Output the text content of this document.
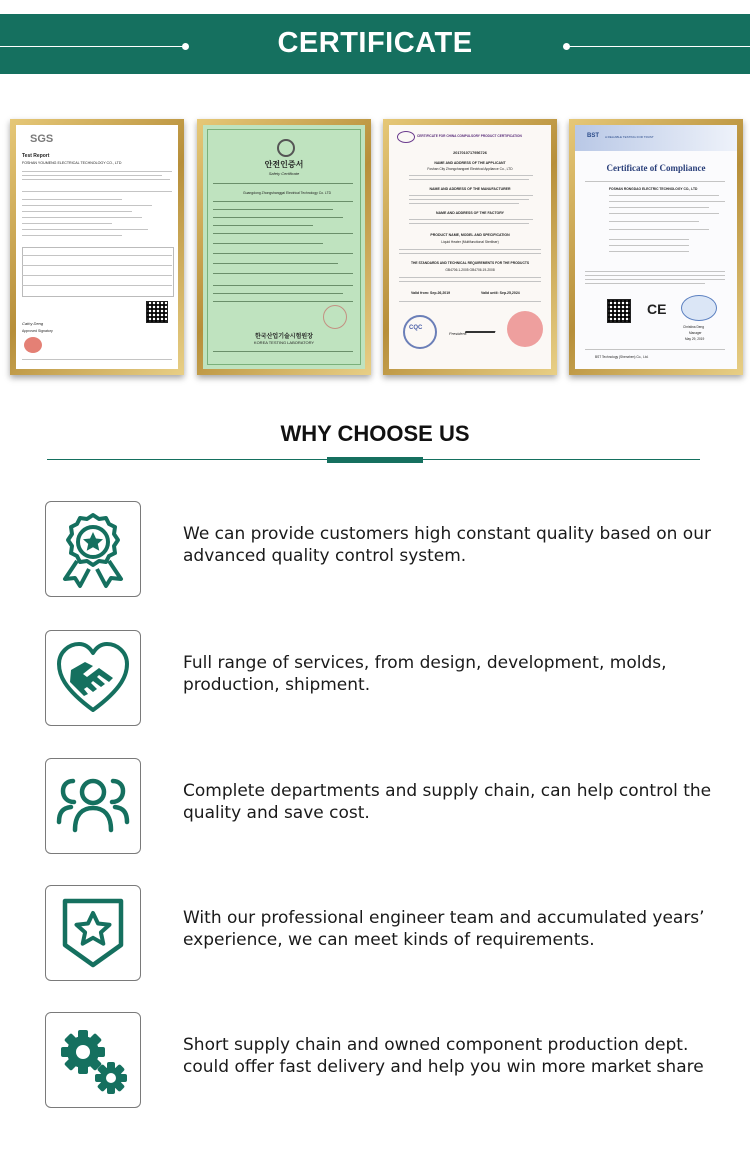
CERTIFICATE
SGS
Test Report
FOSHAN YOUMENG ELECTRICAL TECHNOLOGY CO., LTD
Cathy Deng
Approved Signatory
안전인증서
Safety Certificate
Guangdong Zhongshanggai Electrical Technology Co. LTD
한국산업기술시험원장
KOREA TESTING LABORATORY
CERTIFICATE FOR CHINA COMPULSORY PRODUCT CERTIFICATION
2017010717956726
NAME AND ADDRESS OF THE APPLICANT
Foshan City Zhongchangwei Electrical Appliance Co., LTD
NAME AND ADDRESS OF THE MANUFACTURER
NAME AND ADDRESS OF THE FACTORY
PRODUCT NAME, MODEL AND SPECIFICATION
Liquid Heater (Multifunctional Steriliser)
THE STANDARDS AND TECHNICAL REQUIREMENTS FOR THE PRODUCTS
GB4706.1-2005 GB4706.19-2008
Valid from: Sep.26,2019	Valid until: Sep.25,2024
CQC
President:
BST A RELIABLE TESTING FOR TRUST
Certificate of Compliance
FOSHAN RONGDAO ELECTRIC TECHNOLOGY CO., LTD
CE
Christina Deng
Manager
May 29, 2019
BST Technology (Shenzhen) Co., Ltd.
WHY CHOOSE US
We can provide customers high constant quality based on our advanced quality control system.
Full range of services, from design, development, molds, production, shipment.
Complete departments and supply chain, can help control the quality and save cost.
With our professional engineer team and accumulated years’　experience, we can meet kinds of requirements.
Short supply chain and owned component production dept. could offer fast delivery and help you win more market share
